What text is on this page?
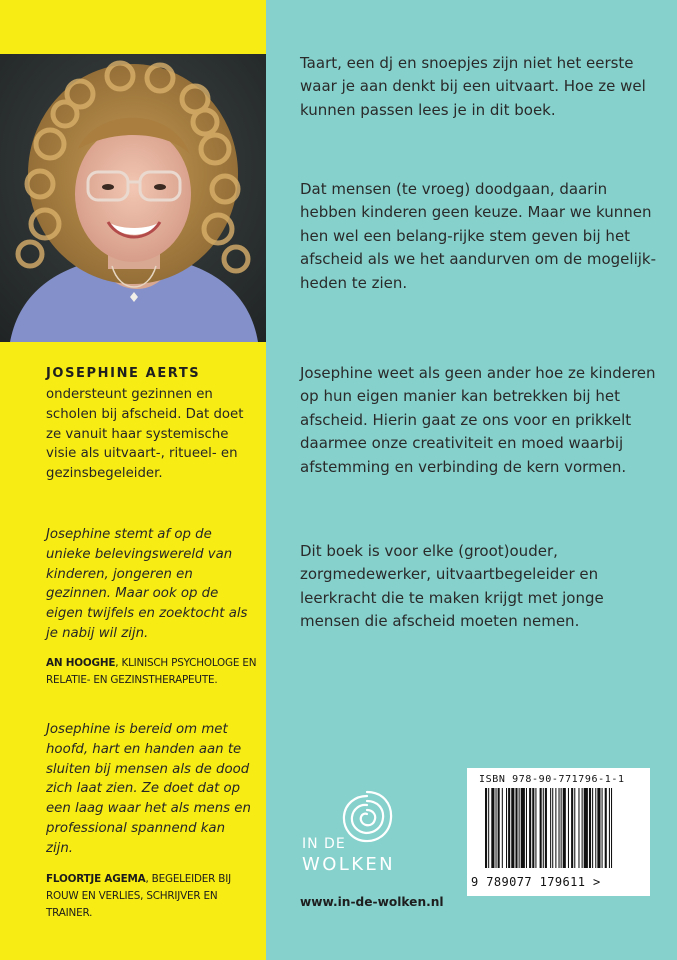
JOSEPHINE AERTS
ondersteunt gezinnen en scholen bij afscheid. Dat doet ze vanuit haar systemische visie als uitvaart-, ritueel- en gezinsbegeleider.
Josephine stemt af op de unieke belevingswereld van kinderen, jongeren en gezinnen. Maar ook op de eigen twijfels en zoektocht als je nabij wil zijn.
AN HOOGHE, KLINISCH PSYCHOLOGE EN RELATIE- EN GEZINSTHERAPEUTE.
Josephine is bereid om met hoofd, hart en handen aan te sluiten bij mensen als de dood zich laat zien. Ze doet dat op een laag waar het als mens en professional spannend kan zijn.
FLOORTJE AGEMA, BEGELEIDER BIJ ROUW EN VERLIES, SCHRIJVER EN TRAINER.
Taart, een dj en snoepjes zijn niet het eerste waar je aan denkt bij een uitvaart. Hoe ze wel kunnen passen lees je in dit boek.
Dat mensen (te vroeg) doodgaan, daarin hebben kinderen geen keuze. Maar we kunnen hen wel een belang-rijke stem geven bij het afscheid als we het aandurven om de mogelijk-heden te zien.
Josephine weet als geen ander hoe ze kinderen op hun eigen manier kan betrekken bij het afscheid. Hierin gaat ze ons voor en prikkelt daarmee onze creativiteit en moed waarbij afstemming en verbinding de kern vormen.
Dit boek is voor elke (groot)ouder, zorgmedewerker, uitvaartbegeleider en leerkracht die te maken krijgt met jonge mensen die afscheid moeten nemen.
IN DE
WOLKEN
www.in-de-wolken.nl
ISBN 978-90-771796-1-1
9 789077 179611 >
